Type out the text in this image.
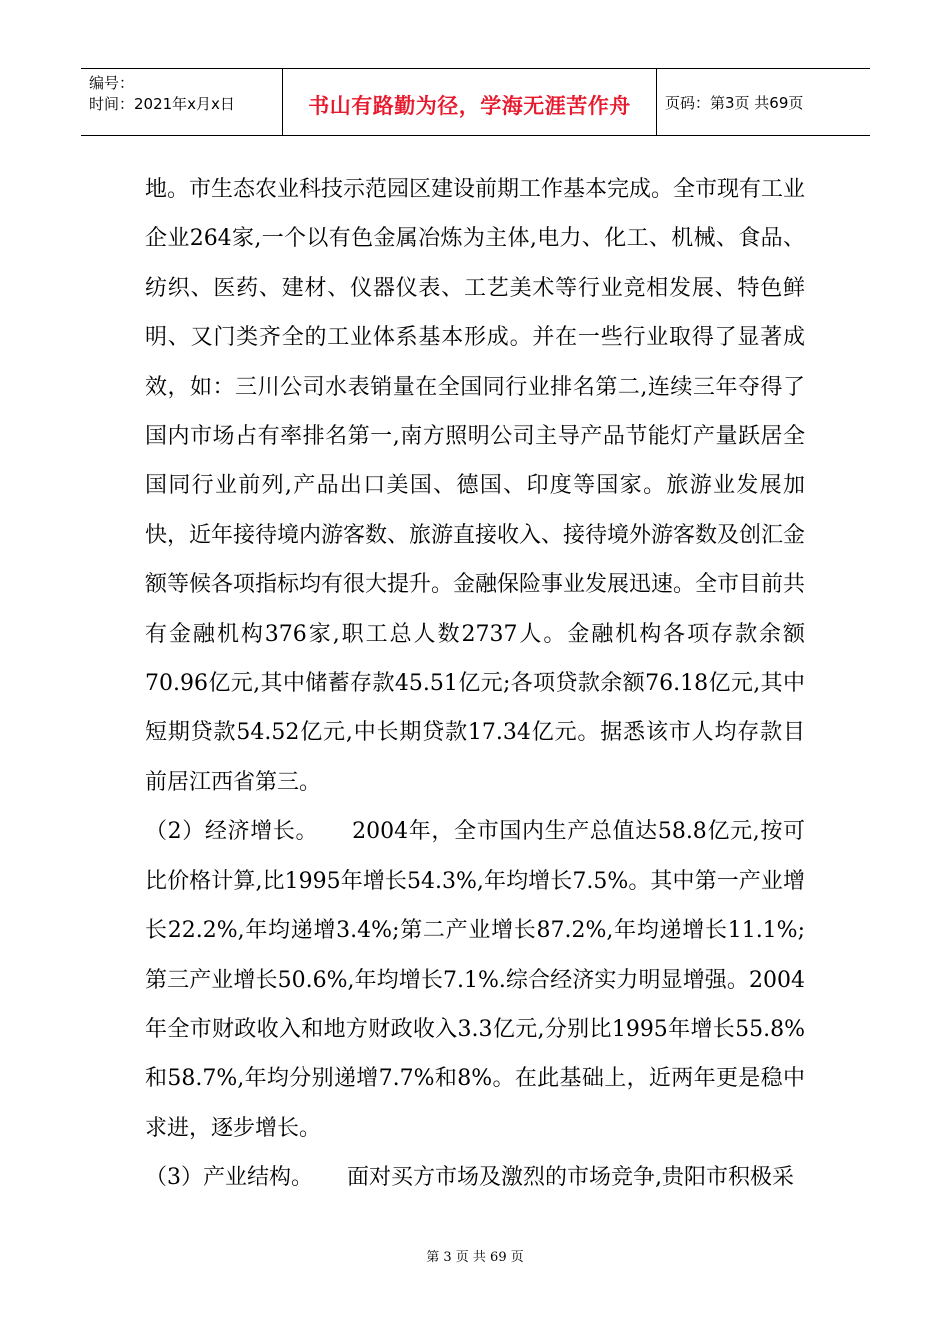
编号：
时间：2021年x月x日	书山有路勤为径，学海无涯苦作舟	页码：第3页 共69页

地。市生态农业科技示范园区建设前期工作基本完成。全市现有工业企业264家,一个以有色金属冶炼为主体,电力、化工、机械、食品、纺织、医药、建材、仪器仪表、工艺美术等行业竞相发展、特色鲜明、又门类齐全的工业体系基本形成。并在一些行业取得了显著成效，如：三川公司水表销量在全国同行业排名第二,连续三年夺得了国内市场占有率排名第一,南方照明公司主导产品节能灯产量跃居全国同行业前列,产品出口美国、德国、印度等国家。旅游业发展加快，近年接待境内游客数、旅游直接收入、接待境外游客数及创汇金额等候各项指标均有很大提升。金融保险事业发展迅速。全市目前共有金融机构376家,职工总人数2737人。金融机构各项存款余额70.96亿元,其中储蓄存款45.51亿元;各项贷款余额76.18亿元,其中短期贷款54.52亿元,中长期贷款17.34亿元。据悉该市人均存款目前居江西省第三。

（2）经济增长。 2004年，全市国内生产总值达58.8亿元,按可比价格计算,比1995年增长54.3%,年均增长7.5%。其中第一产业增长22.2%,年均递增3.4%;第二产业增长87.2%,年均递增长11.1%;第三产业增长50.6%,年均增长7.1%.综合经济实力明显增强。2004年全市财政收入和地方财政收入3.3亿元,分别比1995年增长55.8%和58.7%,年均分别递增7.7%和8%。在此基础上，近两年更是稳中求进，逐步增长。

（3）产业结构。 面对买方市场及激烈的市场竞争,贵阳市积极采

第 3 页 共 69 页
